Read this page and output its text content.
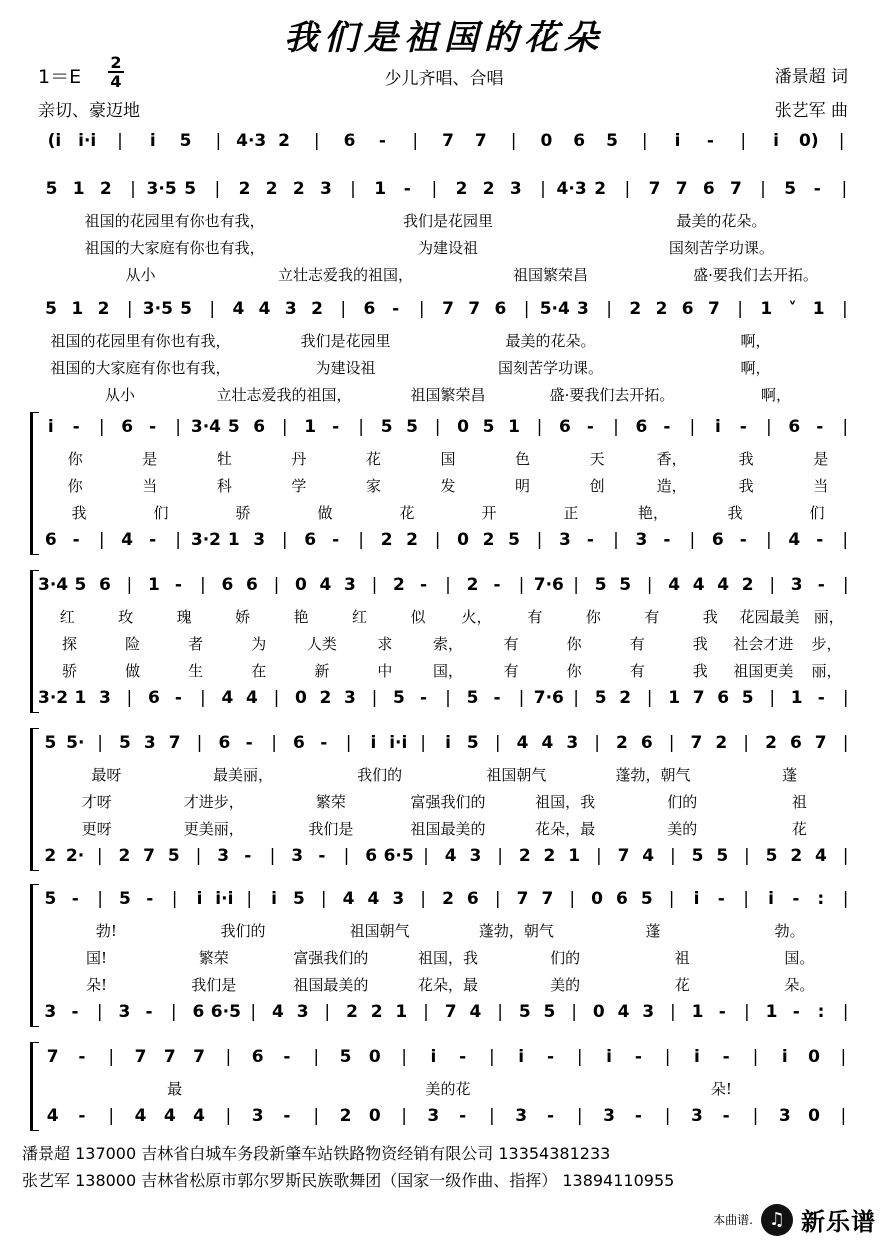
我们是祖国的花朵
1＝E
2
4	少儿齐唱、合唱	潘景超 词
亲切、豪迈地	张艺军 曲
(i i·i	|	i	5	| 4·3 2	|	6	-	|	7	7	|	0	6	5	|	i	-	|	i	0)	|
5 1 2	| 3·5 5	|	2 2 2 3	|	1	-	|	2 2 3	| 4·3 2	|	7 7 6 7	|	5	-	|
祖国的花园里有你也有我，	我们是花园里	最美的花朵。
祖国的大家庭有你也有我，	为建设祖	国刻苦学功课。
从小	立壮志爱我的祖国，	祖国繁荣昌	盛·要我们去开拓。
5 1 2	| 3·5 5	|	4 4 3 2	|	6 -	|	7 7 6	| 5·4 3	|	2 2 6 7	|	1 ˅ 1	|
祖国的花园里有你也有我，	我们是花园里	最美的花朵。	啊，
祖国的大家庭有你也有我，	为建设祖	国刻苦学功课。	啊，
从小	立壮志爱我的祖国，	祖国繁荣昌	盛·要我们去开拓。	啊，
i	-	| 6 -	| 3·4 5 6 | 1 -	| 5 5 | 0 5 1 | 6 -	| 6 -	|	i	-	| 6 -	|
你	是	牡	丹	花	国	色	天	香，	我	是
你	当	科	学	家	发	明	创	造，	我	当
我	们	骄	做	花	开	正	艳，	我	们
6 -	| 4 -	| 3·2 1 3 | 6 -	| 2 2 | 0 2 5 | 3 -	| 3 -	| 6 -	| 4 -	|
3·4 5 6 | 1 -	| 6 6 | 0 4 3 | 2 -	| 2 -	| 7·6 | 5 5 | 4 4 4 2 | 3 -	|
红	玫	瑰	娇	艳	红	似	火，	有	你	有	我	花园最美 丽，
探	险	者	为	人类	求	索，	有	你	有	我	社会才进	步，
骄	做	生	在	新	中	国，	有	你	有	我	祖国更美	丽，
3·2 1 3 | 6 -	| 4 4 | 0 2 3 | 5 -	| 5 -	| 7·6 | 5 2 | 1 7 6 5 | 1 -	|
5 5· | 5 3 7 | 6 -	| 6 -	|	i i·i |	i 5 | 4 4 3 | 2 6 | 7 2 | 2 6 7 |
最呀	最美丽，	我们的	祖国朝气	蓬勃，朝气	蓬
才呀	才进步，	繁荣	富强我们的	祖国，我	们的	祖
更呀	更美丽，	我们是	祖国最美的	花朵，最	美的	花
2 2· | 2 7 5 | 3 -	| 3 -	| 6 6·5 | 4 3 | 2 2 1 | 7 4 | 5 5 | 5 2 4 |
5 -	| 5 -	|	i i·i |	i 5 | 4 4 3 | 2 6 | 7 7 | 0 6 5 |	i	-	|	i	-	:	|
勃!	我们的	祖国朝气	蓬勃，朝气	蓬	勃。
国!	繁荣	富强我们的	祖国，我	们的	祖	国。
朵!	我们是	祖国最美的	花朵，最	美的	花	朵。
3 -	| 3 -	| 6 6·5 | 4 3 | 2 2 1 | 7 4 | 5 5 | 0 4 3 | 1 -	| 1 -	:	|
7	-	|	7	7	7	|	6	-	|	5	0	|	i	-	|	i	-	|	i	-	|	i	-	|	i	0	|
最	美的花	朵!
4	-	|	4	4	4	|	3	-	|	2	0	|	3	-	|	3	-	|	3	-	|	3	-	|	3	0	|
潘景超 137000 吉林省白城车务段新肇车站铁路物资经销有限公司 13354381233
张艺军 138000 吉林省松原市郭尔罗斯民族歌舞团（国家一级作曲、指挥） 13894110955
本曲谱. ♫ 新乐谱
